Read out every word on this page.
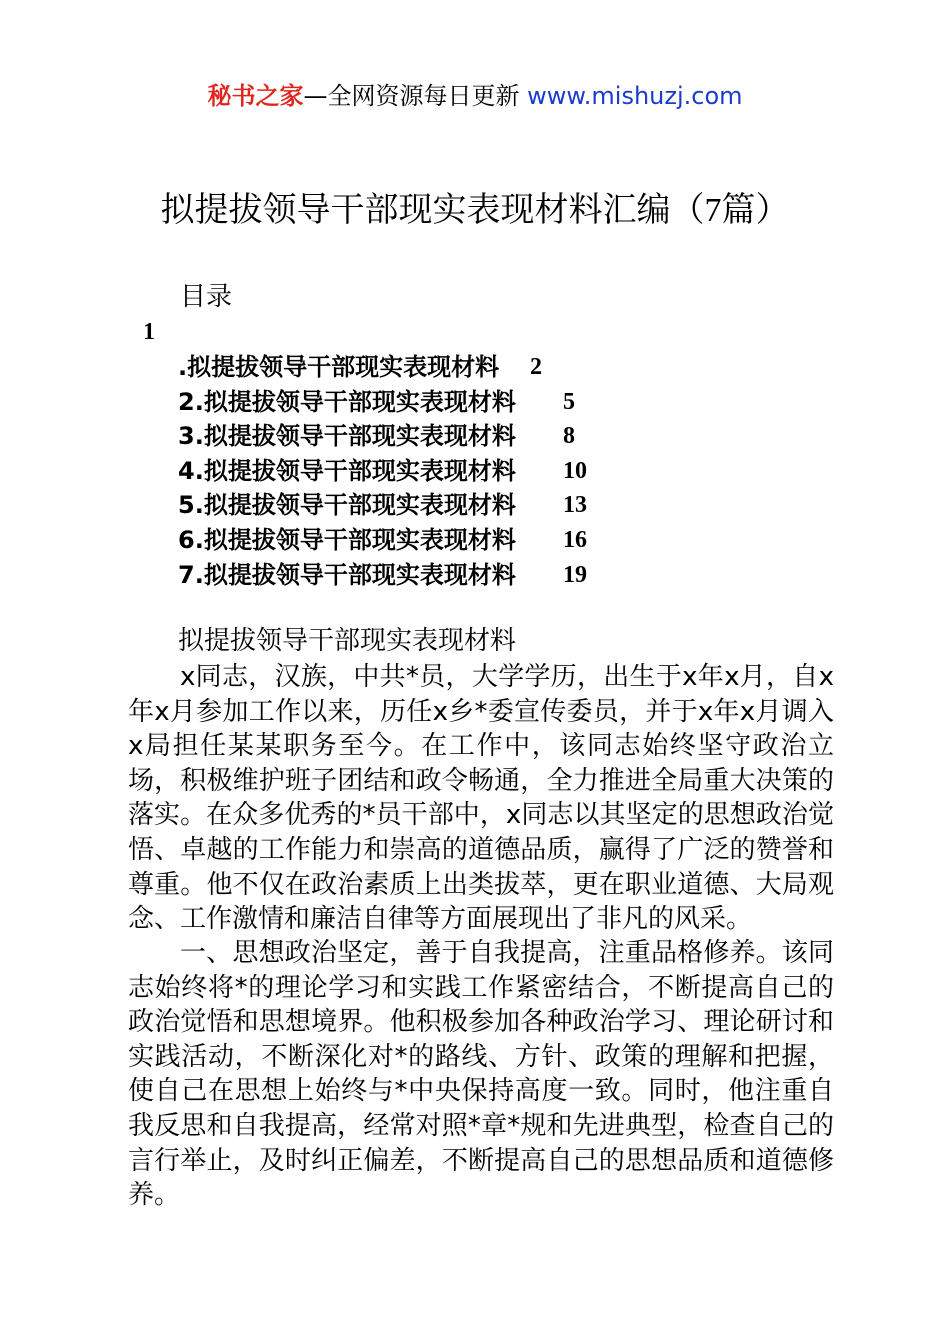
秘书之家—全网资源每日更新 www.mishuzj.com
拟提拔领导干部现实表现材料汇编（7篇）
目录
1
.拟提拔领导干部现实表现材料 2
2.拟提拔领导干部现实表现材料 5
3.拟提拔领导干部现实表现材料 8
4.拟提拔领导干部现实表现材料 10
5.拟提拔领导干部现实表现材料 13
6.拟提拔领导干部现实表现材料 16
7.拟提拔领导干部现实表现材料 19
拟提拔领导干部现实表现材料

x同志，汉族，中共*员，大学学历，出生于x年x月，自x年x月参加工作以来，历任x乡*委宣传委员，并于x年x月调入x局担任某某职务至今。在工作中，该同志始终坚守政治立场，积极维护班子团结和政令畅通，全力推进全局重大决策的落实。在众多优秀的*员干部中，x同志以其坚定的思想政治觉悟、卓越的工作能力和崇高的道德品质，赢得了广泛的赞誉和尊重。他不仅在政治素质上出类拔萃，更在职业道德、大局观念、工作激情和廉洁自律等方面展现出了非凡的风采。

一、思想政治坚定，善于自我提高，注重品格修养。该同志始终将*的理论学习和实践工作紧密结合，不断提高自己的政治觉悟和思想境界。他积极参加各种政治学习、理论研讨和实践活动，不断深化对*的路线、方针、政策的理解和把握，使自己在思想上始终与*中央保持高度一致。同时，他注重自我反思和自我提高，经常对照*章*规和先进典型，检查自己的言行举止，及时纠正偏差，不断提高自己的思想品质和道德修养。
